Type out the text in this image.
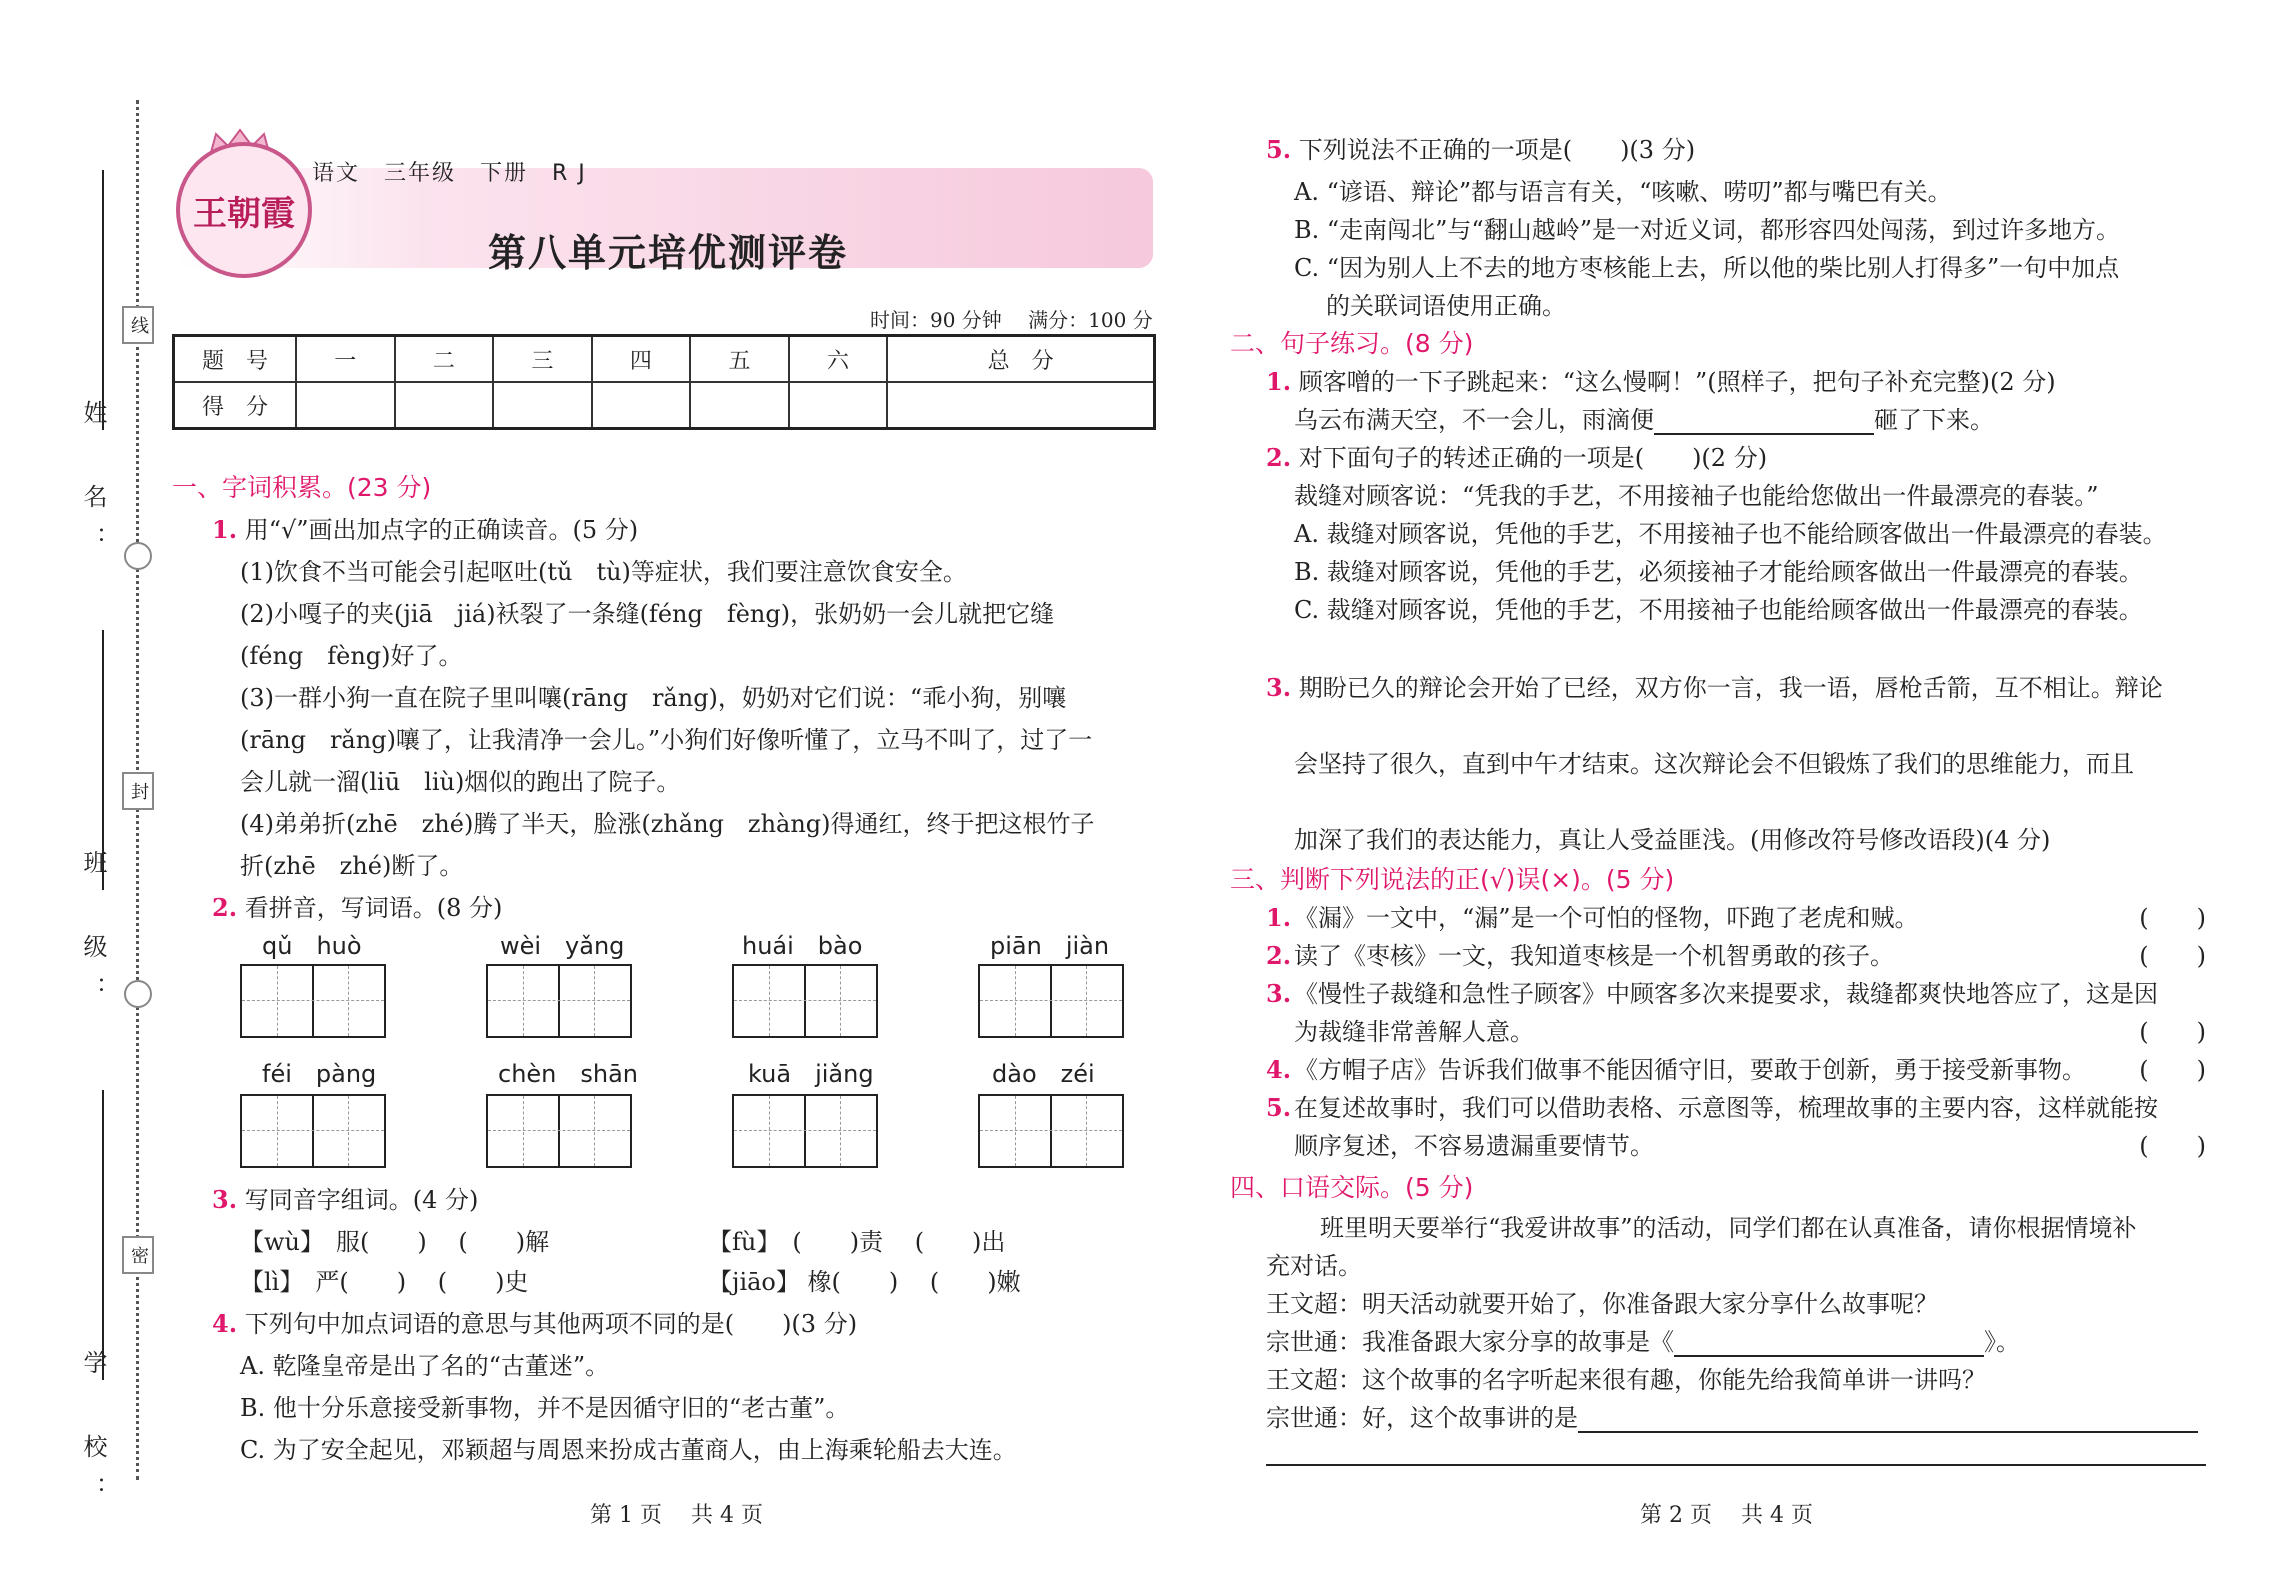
姓　名：
线
班　级：
封
学　校：
密
王朝霞
语文　三年级　下册　R J
第八单元培优测评卷
时间：90 分钟　 满分：100 分
题　号	一	二	三	四	五	六	总　分
得　分							
一、字词积累。(23 分)
1. 用“√”画出加点字的正确读音。(5 分)
(1)饮食不当可能会引起呕吐(tǔ　tù)等症状，我们要注意饮食安全。
(2)小嘎子的夹(jiā　jiá)袄裂了一条缝(féng　fèng)，张奶奶一会儿就把它缝
(féng　fèng)好了。
(3)一群小狗一直在院子里叫嚷(rāng　rǎng)，奶奶对它们说：“乖小狗，别嚷
(rāng　rǎng)嚷了，让我清净一会儿。”小狗们好像听懂了，立马不叫了，过了一
会儿就一溜(liū　liù)烟似的跑出了院子。
(4)弟弟折(zhē　zhé)腾了半天，脸涨(zhǎng　zhàng)得通红，终于把这根竹子
折(zhē　zhé)断了。
2. 看拼音，写词语。(8 分)
qǔ　huò	wèi　yǎng	huái　bào	piān　jiàn
féi　pàng	chèn　shān	kuā　jiǎng	dào　zéi
3. 写同音字组词。(4 分)
【wù】　服(　　)　 (　　)解	【fù】　(　　)责　 (　　)出
【lì】　严(　　)　 (　　)史	【jiāo】 橡(　　)　 (　　)嫩
4. 下列句中加点词语的意思与其他两项不同的是(　　)(3 分)
A. 乾隆皇帝是出了名的“古董迷”。
B. 他十分乐意接受新事物，并不是因循守旧的“老古董”。
C. 为了安全起见，邓颖超与周恩来扮成古董商人，由上海乘轮船去大连。
第 1 页　 共 4 页
5. 下列说法不正确的一项是(　　)(3 分)
A. “谚语、辩论”都与语言有关，“咳嗽、唠叨”都与嘴巴有关。
B. “走南闯北”与“翻山越岭”是一对近义词，都形容四处闯荡，到过许多地方。
C. “因为别人上不去的地方枣核能上去，所以他的柴比别人打得多”一句中加点
的关联词语使用正确。
二、句子练习。(8 分)
1. 顾客噌的一下子跳起来：“这么慢啊！”(照样子，把句子补充完整)(2 分)
乌云布满天空，不一会儿，雨滴便	砸了下来。
2. 对下面句子的转述正确的一项是(　　)(2 分)
裁缝对顾客说：“凭我的手艺，不用接袖子也能给您做出一件最漂亮的春装。”
A. 裁缝对顾客说，凭他的手艺，不用接袖子也不能给顾客做出一件最漂亮的春装。
B. 裁缝对顾客说，凭他的手艺，必须接袖子才能给顾客做出一件最漂亮的春装。
C. 裁缝对顾客说，凭他的手艺，不用接袖子也能给顾客做出一件最漂亮的春装。
3. 期盼已久的辩论会开始了已经，双方你一言，我一语，唇枪舌箭，互不相让。辩论
会坚持了很久，直到中午才结束。这次辩论会不但锻炼了我们的思维能力，而且
加深了我们的表达能力，真让人受益匪浅。(用修改符号修改语段)(4 分)
三、判断下列说法的正(√)误(×)。(5 分)
1. 《漏》一文中，“漏”是一个可怕的怪物，吓跑了老虎和贼。	(　　)
2. 读了《枣核》一文，我知道枣核是一个机智勇敢的孩子。	(　　)
3. 《慢性子裁缝和急性子顾客》中顾客多次来提要求，裁缝都爽快地答应了，这是因
为裁缝非常善解人意。	(　　)
4. 《方帽子店》告诉我们做事不能因循守旧，要敢于创新，勇于接受新事物。 (　　)
5. 在复述故事时，我们可以借助表格、示意图等，梳理故事的主要内容，这样就能按
顺序复述，不容易遗漏重要情节。	(　　)
四、口语交际。(5 分)
班里明天要举行“我爱讲故事”的活动，同学们都在认真准备，请你根据情境补
充对话。
王文超：明天活动就要开始了，你准备跟大家分享什么故事呢？
宗世通：我准备跟大家分享的故事是《	》。
王文超：这个故事的名字听起来很有趣，你能先给我简单讲一讲吗？
宗世通：好，这个故事讲的是
第 2 页　 共 4 页
